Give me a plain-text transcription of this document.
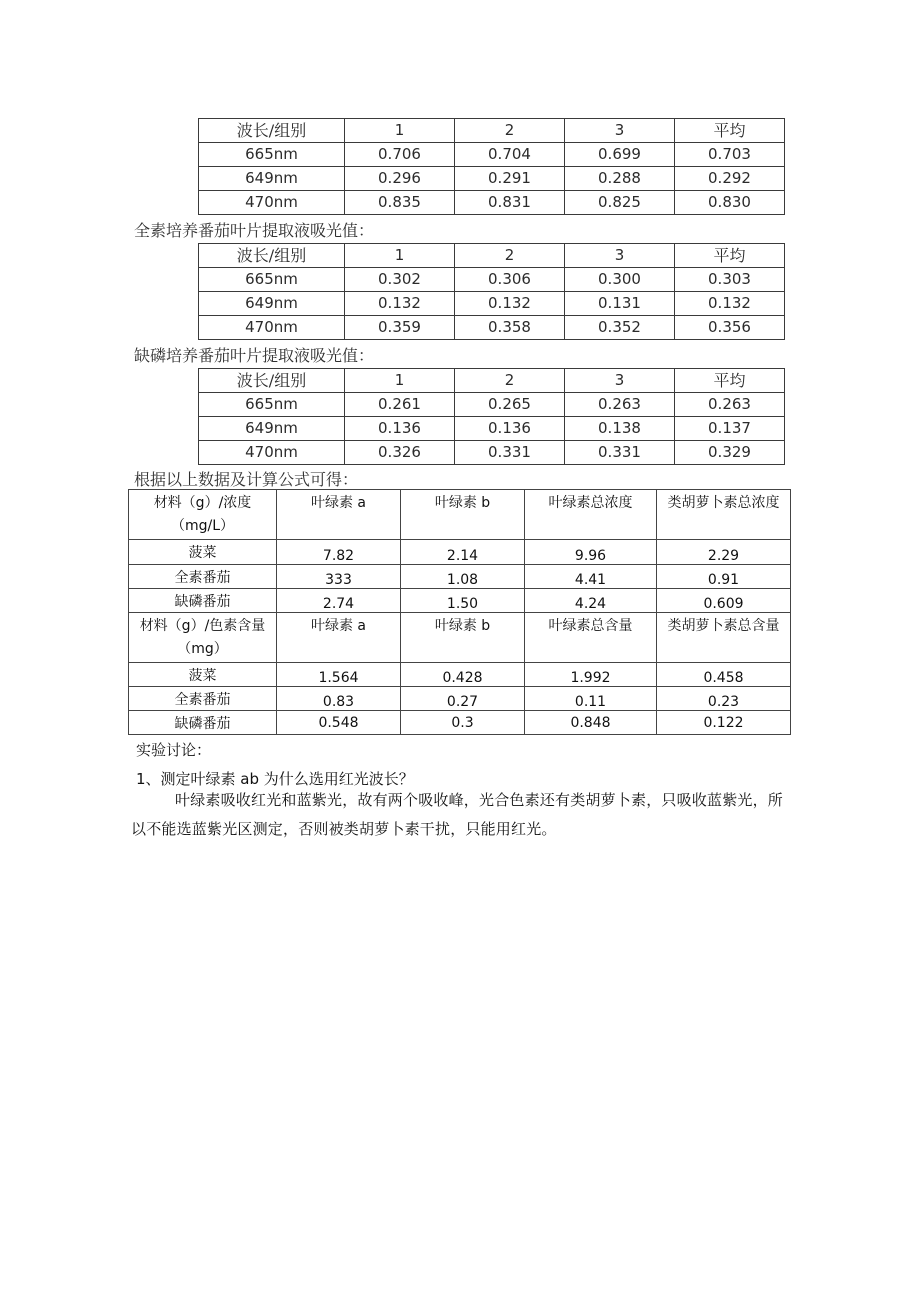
波长/组别	1	2	3	平均
665nm	0.706	0.704	0.699	0.703
649nm	0.296	0.291	0.288	0.292
470nm	0.835	0.831	0.825	0.830
全素培养番茄叶片提取液吸光值：
波长/组别	1	2	3	平均
665nm	0.302	0.306	0.300	0.303
649nm	0.132	0.132	0.131	0.132
470nm	0.359	0.358	0.352	0.356
缺磷培养番茄叶片提取液吸光值：
波长/组别	1	2	3	平均
665nm	0.261	0.265	0.263	0.263
649nm	0.136	0.136	0.138	0.137
470nm	0.326	0.331	0.331	0.329
根据以上数据及计算公式可得：
材料（g）/浓度（mg/L）	叶绿素 a	叶绿素 b	叶绿素总浓度	类胡萝卜素总浓度
菠菜	7.82	2.14	9.96	2.29
全素番茄	333	1.08	4.41	0.91
缺磷番茄	2.74	1.50	4.24	0.609
材料（g）/色素含量（mg）	叶绿素 a	叶绿素 b	叶绿素总含量	类胡萝卜素总含量
菠菜	1.564	0.428	1.992	0.458
全素番茄	0.83	0.27	0.11	0.23
缺磷番茄	0.548	0.3	0.848	0.122
实验讨论：
1、测定叶绿素 ab 为什么选用红光波长？
叶绿素吸收红光和蓝紫光，故有两个吸收峰，光合色素还有类胡萝卜素，只吸收蓝紫光，所以不能选蓝紫光区测定，否则被类胡萝卜素干扰，只能用红光。
